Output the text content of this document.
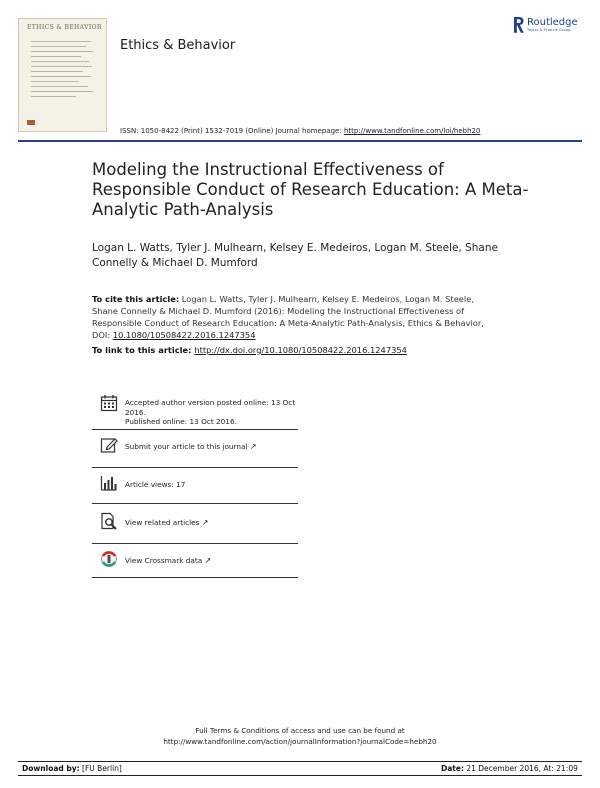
ETHICS & BEHAVIOR
Ethics & Behavior
Routledge
Taylor & Francis Group
ISSN: 1050-8422 (Print) 1532-7019 (Online) Journal homepage: http://www.tandfonline.com/loi/hebh20
Modeling the Instructional Effectiveness of Responsible Conduct of Research Education: A Meta-Analytic Path-Analysis
Logan L. Watts, Tyler J. Mulhearn, Kelsey E. Medeiros, Logan M. Steele, Shane Connelly & Michael D. Mumford
To cite this article: Logan L. Watts, Tyler J. Mulhearn, Kelsey E. Medeiros, Logan M. Steele, Shane Connelly & Michael D. Mumford (2016): Modeling the Instructional Effectiveness of Responsible Conduct of Research Education: A Meta-Analytic Path-Analysis, Ethics & Behavior, DOI: 10.1080/10508422.2016.1247354
To link to this article: http://dx.doi.org/10.1080/10508422.2016.1247354
Accepted author version posted online: 13 Oct 2016.
Published online: 13 Oct 2016.
Submit your article to this journal ↗
Article views: 17
View related articles ↗
View Crossmark data ↗
Full Terms & Conditions of access and use can be found at
http://www.tandfonline.com/action/journalInformation?journalCode=hebh20
Download by: [FU Berlin]	Date: 21 December 2016, At: 21:09
